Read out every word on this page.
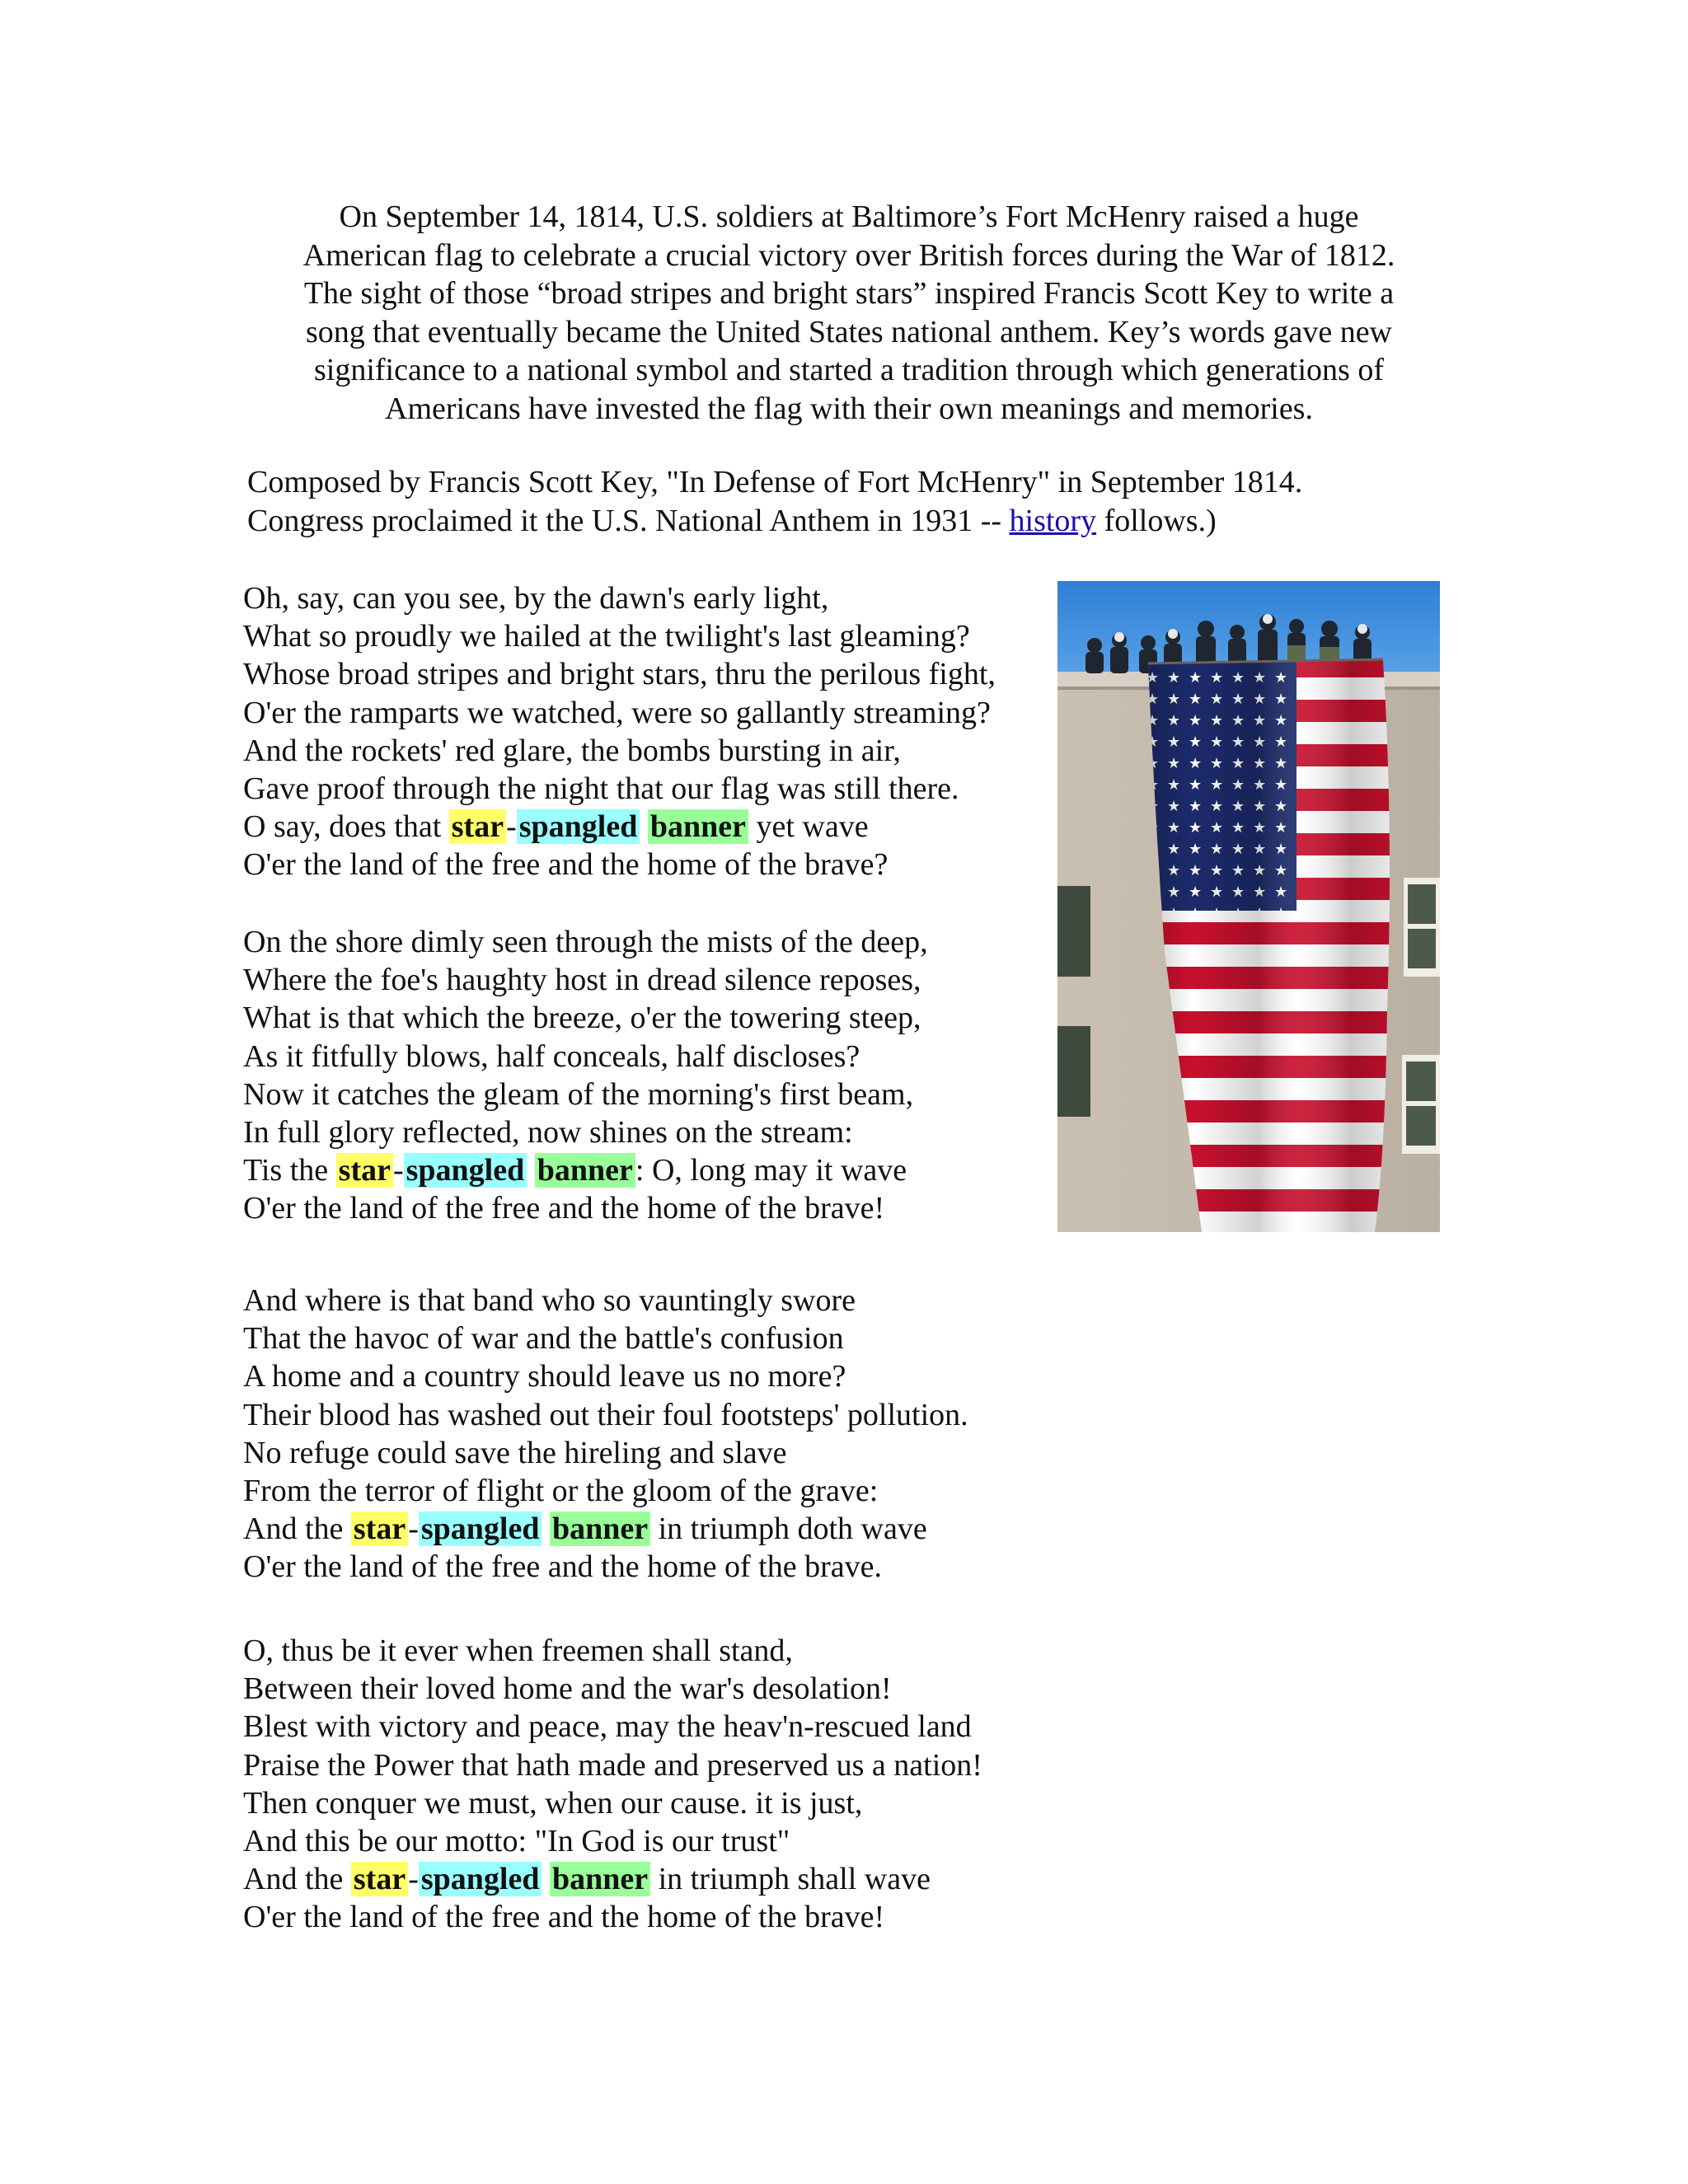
On September 14, 1814, U.S. soldiers at Baltimore’s Fort McHenry raised a huge
American flag to celebrate a crucial victory over British forces during the War of 1812.
The sight of those “broad stripes and bright stars” inspired Francis Scott Key to write a
song that eventually became the United States national anthem. Key’s words gave new
significance to a national symbol and started a tradition through which generations of
Americans have invested the flag with their own meanings and memories.
Composed by Francis Scott Key, "In Defense of Fort McHenry" in September 1814.
Congress proclaimed it the U.S. National Anthem in 1931 -- history follows.)
Oh, say, can you see, by the dawn's early light,
What so proudly we hailed at the twilight's last gleaming?
Whose broad stripes and bright stars, thru the perilous fight,
O'er the ramparts we watched, were so gallantly streaming?
And the rockets' red glare, the bombs bursting in air,
Gave proof through the night that our flag was still there.
O say, does that star-spangled banner yet wave
O'er the land of the free and the home of the brave?
On the shore dimly seen through the mists of the deep,
Where the foe's haughty host in dread silence reposes,
What is that which the breeze, o'er the towering steep,
As it fitfully blows, half conceals, half discloses?
Now it catches the gleam of the morning's first beam,
In full glory reflected, now shines on the stream:
Tis the star-spangled banner: O, long may it wave
O'er the land of the free and the home of the brave!
And where is that band who so vauntingly swore
That the havoc of war and the battle's confusion
A home and a country should leave us no more?
Their blood has washed out their foul footsteps' pollution.
No refuge could save the hireling and slave
From the terror of flight or the gloom of the grave:
And the star-spangled banner in triumph doth wave
O'er the land of the free and the home of the brave.
O, thus be it ever when freemen shall stand,
Between their loved home and the war's desolation!
Blest with victory and peace, may the heav'n-rescued land
Praise the Power that hath made and preserved us a nation!
Then conquer we must, when our cause. it is just,
And this be our motto: "In God is our trust"
And the star-spangled banner in triumph shall wave
O'er the land of the free and the home of the brave!
